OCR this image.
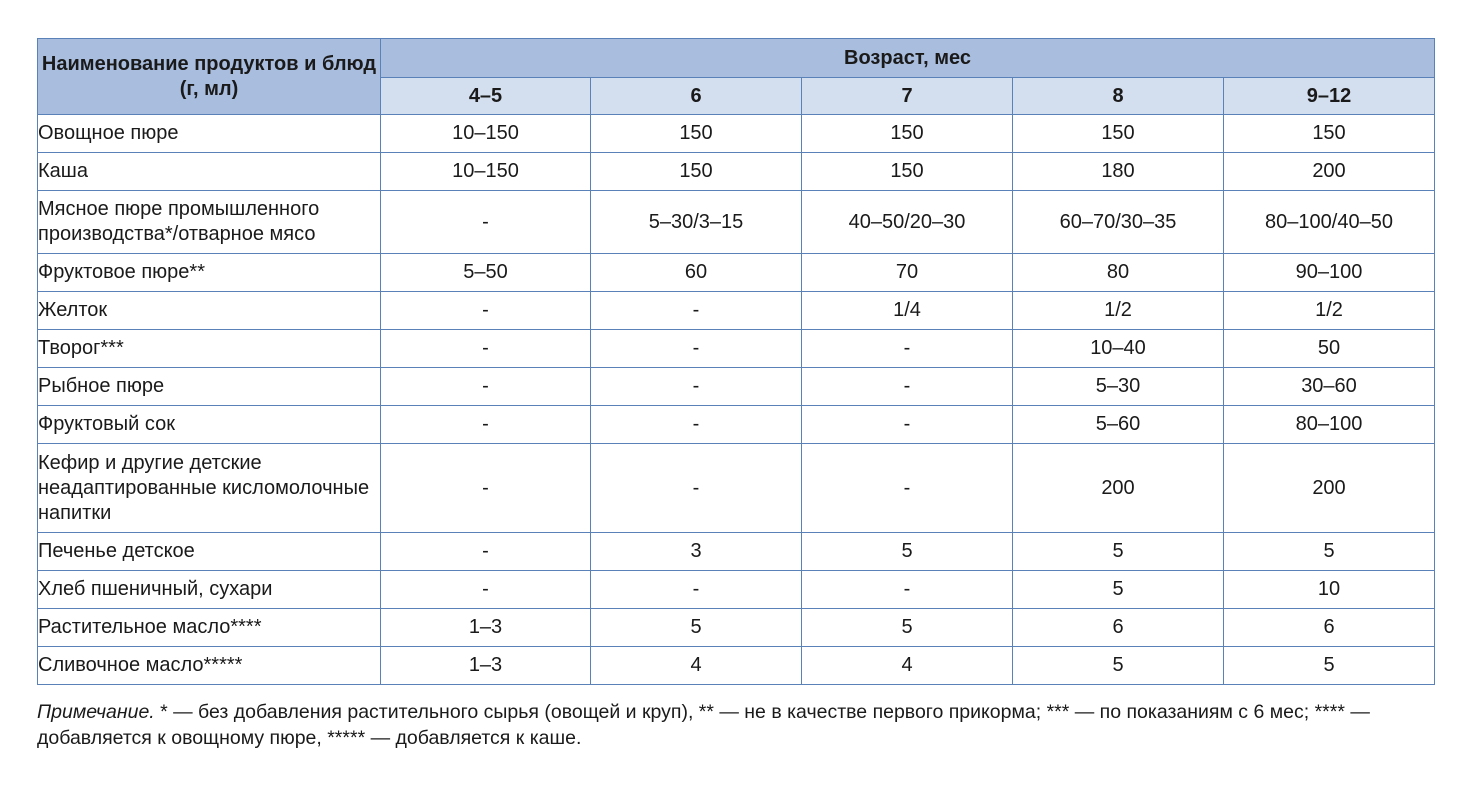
Наименование продуктов и блюд (г, мл)	Возраст, мес				
	4–5	6	7	8	9–12
Овощное пюре	10–150	150	150	150	150
Каша	10–150	150	150	180	200
Мясное пюре промышленного производства*/отварное мясо	-	5–30/3–15	40–50/20–30	60–70/30–35	80–100/40–50
Фруктовое пюре**	5–50	60	70	80	90–100
Желток	-	-	1/4	1/2	1/2
Творог***	-	-	-	10–40	50
Рыбное пюре	-	-	-	5–30	30–60
Фруктовый сок	-	-	-	5–60	80–100
Кефир и другие детские неадаптированные кисломолочные напитки	-	-	-	200	200
Печенье детское	-	3	5	5	5
Хлеб пшеничный, сухари	-	-	-	5	10
Растительное масло****	1–3	5	5	6	6
Сливочное масло*****	1–3	4	4	5	5
Примечание. * — без добавления растительного сырья (овощей и круп), ** — не в качестве первого прикорма; *** — по показаниям с 6 мес; **** — добавляется к овощному пюре, ***** — добавляется к каше.
